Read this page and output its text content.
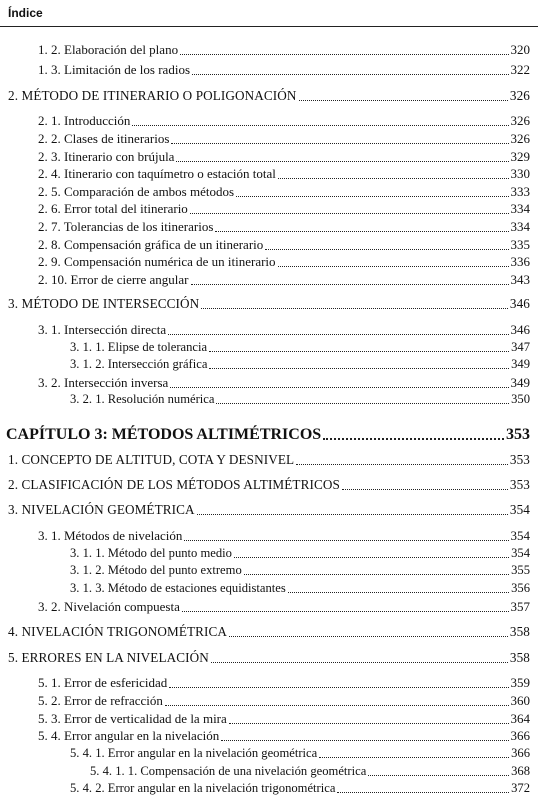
Índice
1. 2. Elaboración del plano	320
1. 3. Limitación de los radios	322
2. MÉTODO DE ITINERARIO O POLIGONACIÓN	326
2. 1. Introducción	326
2. 2. Clases de itinerarios	326
2. 3. Itinerario con brújula	329
2. 4. Itinerario con taquímetro o estación total	330
2. 5. Comparación de ambos métodos	333
2. 6. Error total del itinerario	334
2. 7. Tolerancias de los itinerarios	334
2. 8. Compensación gráfica de un itinerario	335
2. 9. Compensación numérica de un itinerario	336
2. 10. Error de cierre angular	343
3. MÉTODO DE INTERSECCIÓN	346
3. 1. Intersección directa	346
3. 1. 1. Elipse de tolerancia	347
3. 1. 2. Intersección gráfica	349
3. 2. Intersección inversa	349
3. 2. 1. Resolución numérica	350
CAPÍTULO 3: MÉTODOS ALTIMÉTRICOS	353
1. CONCEPTO DE ALTITUD, COTA Y DESNIVEL	353
2. CLASIFICACIÓN DE LOS MÉTODOS ALTIMÉTRICOS	353
3. NIVELACIÓN GEOMÉTRICA	354
3. 1. Métodos de nivelación	354
3. 1. 1. Método del punto medio	354
3. 1. 2. Método del punto extremo	355
3. 1. 3. Método de estaciones equidistantes	356
3. 2. Nivelación compuesta	357
4. NIVELACIÓN TRIGONOMÉTRICA	358
5. ERRORES EN LA NIVELACIÓN	358
5. 1. Error de esfericidad	359
5. 2. Error de refracción	360
5. 3. Error de verticalidad de la mira	364
5. 4. Error angular en la nivelación	366
5. 4. 1. Error angular en la nivelación geométrica	366
5. 4. 1. 1. Compensación de una nivelación geométrica	368
5. 4. 2. Error angular en la nivelación trigonométrica	372
